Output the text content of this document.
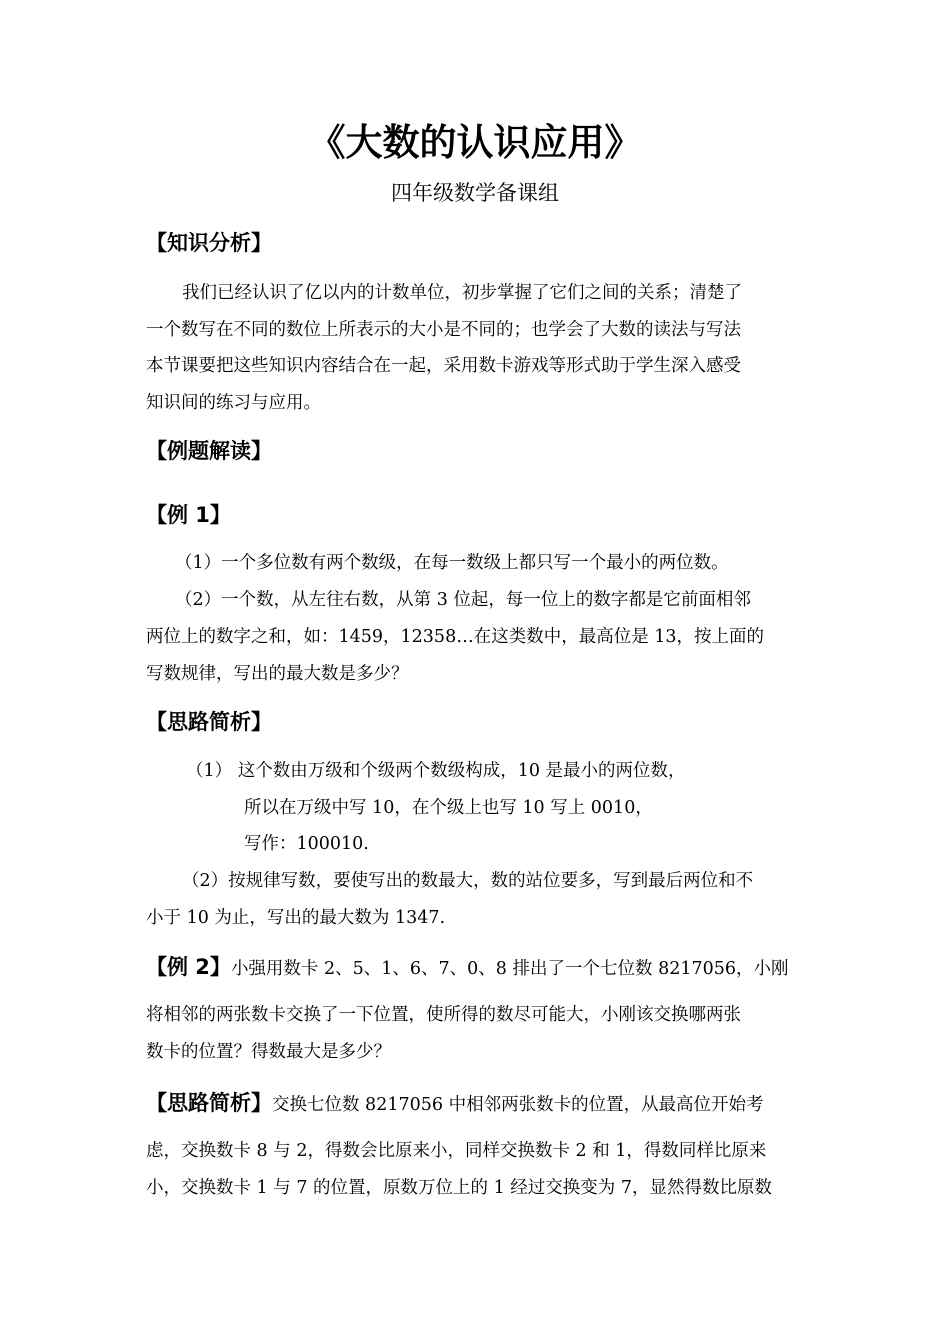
《大数的认识应用》
四年级数学备课组
【知识分析】
我们已经认识了亿以内的计数单位，初步掌握了它们之间的关系；清楚了
一个数写在不同的数位上所表示的大小是不同的；也学会了大数的读法与写法
本节课要把这些知识内容结合在一起，采用数卡游戏等形式助于学生深入感受
知识间的练习与应用。
【例题解读】
【例 1】
（1）一个多位数有两个数级，在每一数级上都只写一个最小的两位数。
（2）一个数，从左往右数，从第 3 位起，每一位上的数字都是它前面相邻
两位上的数字之和，如：1459，12358…在这类数中，最高位是 13，按上面的
写数规律，写出的最大数是多少？
【思路简析】
（1） 这个数由万级和个级两个数级构成，10 是最小的两位数，
所以在万级中写 10，在个级上也写 10 写上 0010，
写作：100010.
（2）按规律写数，要使写出的数最大，数的站位要多，写到最后两位和不
小于 10 为止，写出的最大数为 1347.
【例 2】小强用数卡 2、5、1、6、7、0、8 排出了一个七位数 8217056，小刚
将相邻的两张数卡交换了一下位置，使所得的数尽可能大，小刚该交换哪两张
数卡的位置？得数最大是多少？
【思路简析】交换七位数 8217056 中相邻两张数卡的位置，从最高位开始考
虑，交换数卡 8 与 2，得数会比原来小，同样交换数卡 2 和 1，得数同样比原来
小，交换数卡 1 与 7 的位置，原数万位上的 1 经过交换变为 7，显然得数比原数
